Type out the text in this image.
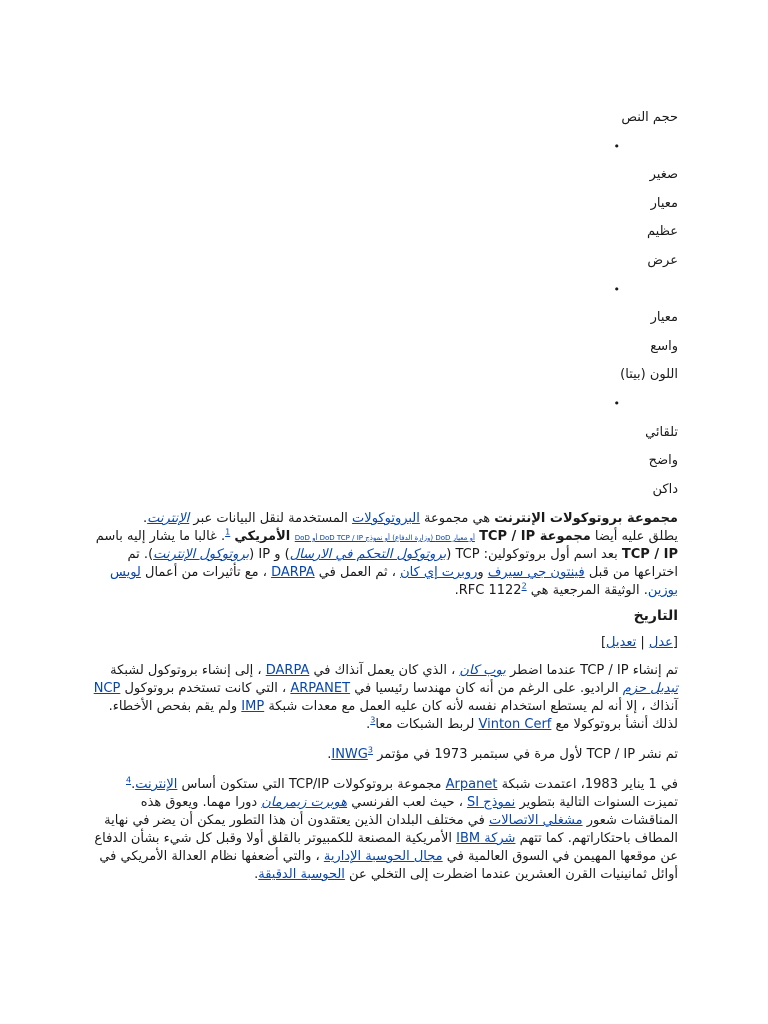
حجم النص
•
صغير
معيار
عظيم
عرض
•
معيار
واسع
اللون (بيتا)
•
تلقائي
واضح
داكن

مجموعة بروتوكولات الإنترنت هي مجموعة البروتوكولات المستخدمة لنقل البيانات عبر الإنترنت.
يطلق عليه أيضا مجموعة TCP / IP أو معيار DoD (وزارة الدفاع) أو نموذج DoD TCP / IP أو DoD الأمريكي $^1$. غالبا ما يشار إليه باسم TCP / IP بعد اسم أول بروتوكولين: TCP (بروتوكول التحكم في الارسال) و IP (بروتوكول الإنترنت). تم اختراعها من قبل فينتون جي سيرف وروبرت إي كان ، ثم العمل في DARPA ، مع تأثيرات من أعمال لويس بوزين. الوثيقة المرجعية هي RFC 1122$^2$.

التاريخ

[عدل | تعديل]

تم إنشاء TCP / IP عندما اضطر بوب كان ، الذي كان يعمل آنذاك في DARPA ، إلى إنشاء بروتوكول لشبكة تبديل حزم الراديو. على الرغم من أنه كان مهندسا رئيسيا في ARPANET ، التي كانت تستخدم بروتوكول NCP آنذاك ، إلا أنه لم يستطع استخدام نفسه لأنه كان عليه العمل مع معدات شبكة IMP ولم يقم بفحص الأخطاء. لذلك أنشأ بروتوكولا مع Vinton Cerf لربط الشبكات معا$^3$.

تم نشر TCP / IP لأول مرة في سبتمبر 1973 في مؤتمر INWG$^3$.

في 1 يناير 1983، اعتمدت شبكة Arpanet مجموعة بروتوكولات TCP/IP التي ستكون أساس الإنترنت.$^4$
تميزت السنوات التالية بتطوير نموذج SI ، حيث لعب الفرنسي هوبرت زيمرمان دورا مهما. ويعوق هذه المناقشات شعور مشغلي الاتصالات في مختلف البلدان الذين يعتقدون أن هذا التطور يمكن أن يضر في نهاية المطاف باحتكاراتهم. كما تتهم شركة IBM الأمريكية المصنعة للكمبيوتر بالقلق أولا وقبل كل شيء بشأن الدفاع عن موقعها المهيمن في السوق العالمية في مجال الحوسبة الإدارية ، والتي أضعفها نظام العدالة الأمريكي في أوائل ثمانينيات القرن العشرين عندما اضطرت إلى التخلي عن الحوسبة الدقيقة.
